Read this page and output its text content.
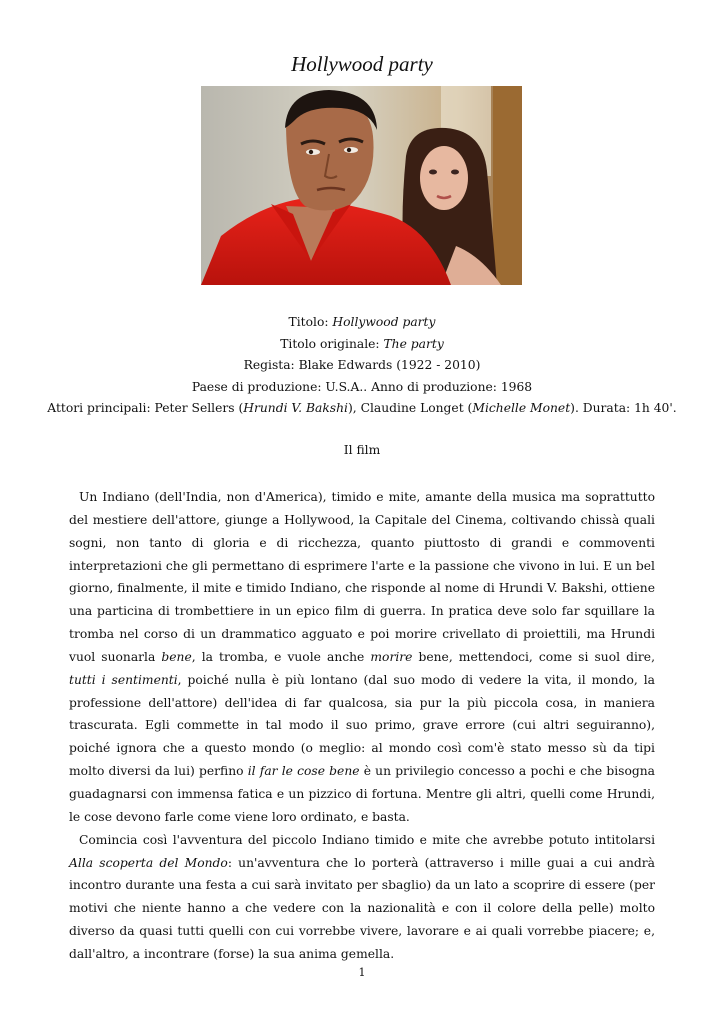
Hollywood party
Titolo: Hollywood party
Titolo originale: The party
Regista: Blake Edwards (1922 - 2010)
Paese di produzione: U.S.A.. Anno di produzione: 1968
Attori principali: Peter Sellers (Hrundi V. Bakshi), Claudine Longet (Michelle Monet). Durata: 1h 40'.
Il film

Un Indiano (dell'India, non d'America), timido e mite, amante della musica ma soprattutto del mestiere dell'attore, giunge a Hollywood, la Capitale del Cinema, coltivando chissà quali sogni, non tanto di gloria e di ricchezza, quanto piuttosto di grandi e commoventi interpretazioni che gli permettano di esprimere l'arte e la passione che vivono in lui. E un bel giorno, finalmente, il mite e timido Indiano, che risponde al nome di Hrundi V. Bakshi, ottiene una particina di trombettiere in un epico film di guerra. In pratica deve solo far squillare la tromba nel corso di un drammatico agguato e poi morire crivellato di proiettili, ma Hrundi vuol suonarla bene, la tromba, e vuole anche morire bene, mettendoci, come si suol dire, tutti i sentimenti, poiché nulla è più lontano (dal suo modo di vedere la vita, il mondo, la professione dell'attore) dell'idea di far qualcosa, sia pur la più piccola cosa, in maniera trascurata. Egli commette in tal modo il suo primo, grave errore (cui altri seguiranno), poiché ignora che a questo mondo (o meglio: al mondo così com'è stato messo sù da tipi molto diversi da lui) perfino il far le cose bene è un privilegio concesso a pochi e che bisogna guadagnarsi con immensa fatica e un pizzico di fortuna. Mentre gli altri, quelli come Hrundi, le cose devono farle come viene loro ordinato, e basta.

Comincia così l'avventura del piccolo Indiano timido e mite che avrebbe potuto intitolarsi Alla scoperta del Mondo: un'avventura che lo porterà (attraverso i mille guai a cui andrà incontro durante una festa a cui sarà invitato per sbaglio) da un lato a scoprire di essere (per motivi che niente hanno a che vedere con la nazionalità e con il colore della pelle) molto diverso da quasi tutti quelli con cui vorrebbe vivere, lavorare e ai quali vorrebbe piacere; e, dall'altro, a incontrare (forse) la sua anima gemella.

1
